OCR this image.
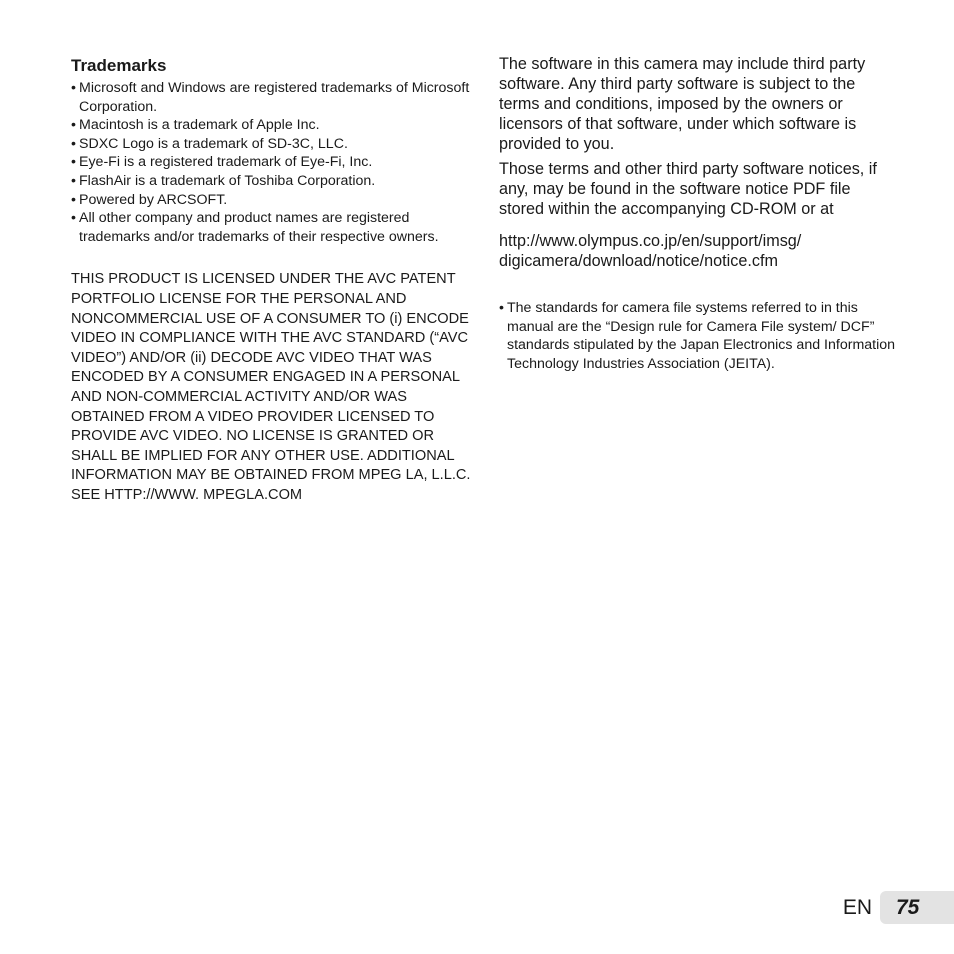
Trademarks
• Microsoft and Windows are registered trademarks of Microsoft Corporation.
• Macintosh is a trademark of Apple Inc.
• SDXC Logo is a trademark of SD-3C, LLC.
• Eye-Fi is a registered trademark of Eye-Fi, Inc.
• FlashAir is a trademark of Toshiba Corporation.
• Powered by ARCSOFT.
• All other company and product names are registered trademarks and/or trademarks of their respective owners.

THIS PRODUCT IS LICENSED UNDER THE AVC PATENT PORTFOLIO LICENSE FOR THE PERSONAL AND NONCOMMERCIAL USE OF A CONSUMER TO (i) ENCODE VIDEO IN COMPLIANCE WITH THE AVC STANDARD (“AVC VIDEO”) AND/OR (ii) DECODE AVC VIDEO THAT WAS ENCODED BY A CONSUMER ENGAGED IN A PERSONAL AND NON-COMMERCIAL ACTIVITY AND/OR WAS OBTAINED FROM A VIDEO PROVIDER LICENSED TO PROVIDE AVC VIDEO. NO LICENSE IS GRANTED OR SHALL BE IMPLIED FOR ANY OTHER USE. ADDITIONAL INFORMATION MAY BE OBTAINED FROM MPEG LA, L.L.C. SEE HTTP://WWW. MPEGLA.COM

The software in this camera may include third party software. Any third party software is subject to the terms and conditions, imposed by the owners or licensors of that software, under which software is provided to you.

Those terms and other third party software notices, if any, may be found in the software notice PDF file stored within the accompanying CD-ROM or at

http://www.olympus.co.jp/en/support/imsg/
digicamera/download/notice/notice.cfm

• The standards for camera file systems referred to in this manual are the “Design rule for Camera File system/ DCF” standards stipulated by the Japan Electronics and Information Technology Industries Association (JEITA).
EN 75
